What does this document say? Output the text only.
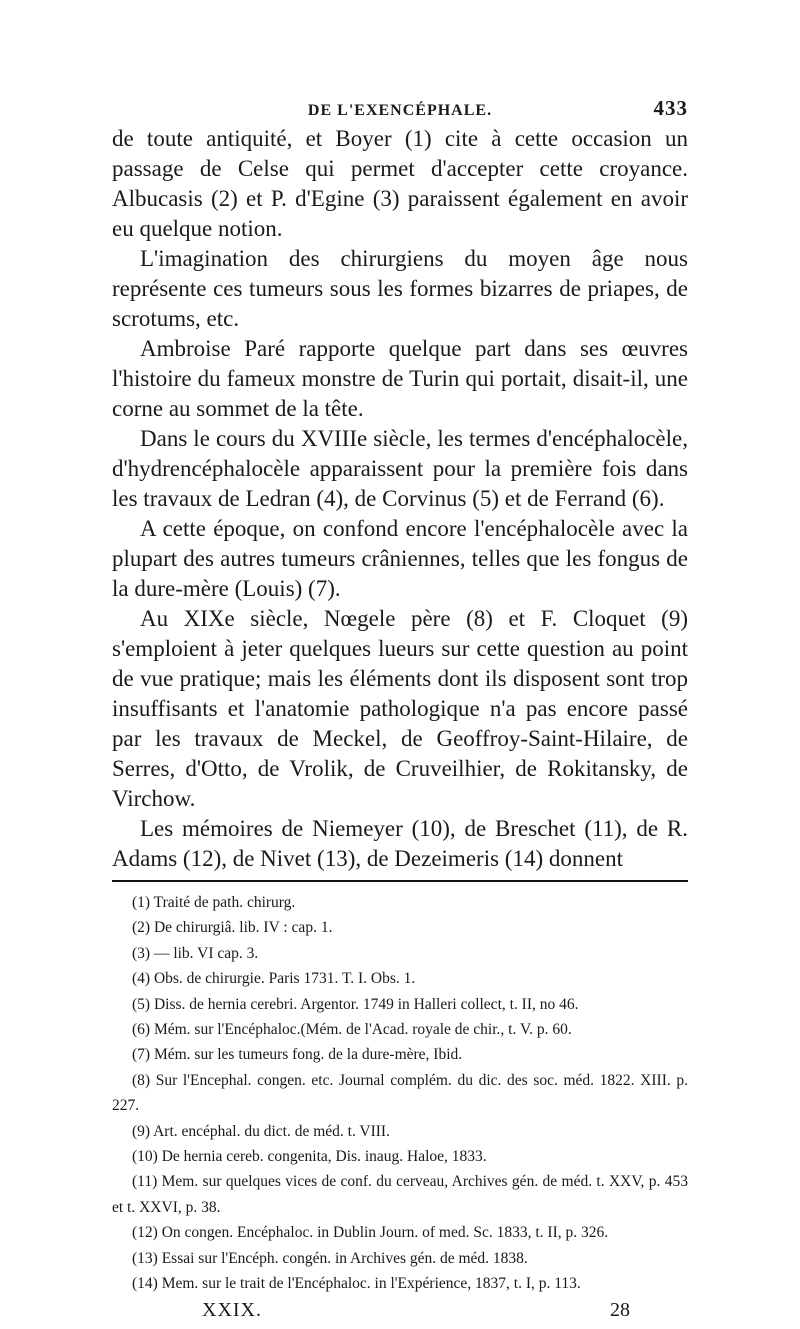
DE L'EXENCÉPHALE.	433

de toute antiquité, et Boyer (1) cite à cette occasion un passage de Celse qui permet d'accepter cette croyance. Albucasis (2) et P. d'Egine (3) paraissent également en avoir eu quelque notion.

L'imagination des chirurgiens du moyen âge nous représente ces tumeurs sous les formes bizarres de priapes, de scrotums, etc.

Ambroise Paré rapporte quelque part dans ses œuvres l'histoire du fameux monstre de Turin qui portait, disait-il, une corne au sommet de la tête.

Dans le cours du XVIIIe siècle, les termes d'encéphalocèle, d'hydrencéphalocèle apparaissent pour la première fois dans les travaux de Ledran (4), de Corvinus (5) et de Ferrand (6).

A cette époque, on confond encore l'encéphalocèle avec la plupart des autres tumeurs crâniennes, telles que les fongus de la dure-mère (Louis) (7).

Au XIXe siècle, Nœgele père (8) et F. Cloquet (9) s'emploient à jeter quelques lueurs sur cette question au point de vue pratique; mais les éléments dont ils disposent sont trop insuffisants et l'anatomie pathologique n'a pas encore passé par les travaux de Meckel, de Geoffroy-Saint-Hilaire, de Serres, d'Otto, de Vrolik, de Cruveilhier, de Rokitansky, de Virchow.

Les mémoires de Niemeyer (10), de Breschet (11), de R. Adams (12), de Nivet (13), de Dezeimeris (14) donnent

(1) Traité de path. chirurg.

(2) De chirurgiâ. lib. IV : cap. 1.

(3) — lib. VI cap. 3.

(4) Obs. de chirurgie. Paris 1731. T. I. Obs. 1.

(5) Diss. de hernia cerebri. Argentor. 1749 in Halleri collect, t. II, no 46.

(6) Mém. sur l'Encéphaloc.(Mém. de l'Acad. royale de chir., t. V. p. 60.

(7) Mém. sur les tumeurs fong. de la dure-mère, Ibid.

(8) Sur l'Encephal. congen. etc. Journal complém. du dic. des soc. méd. 1822. XIII. p. 227.

(9) Art. encéphal. du dict. de méd. t. VIII.

(10) De hernia cereb. congenita, Dis. inaug. Haloe, 1833.

(11) Mem. sur quelques vices de conf. du cerveau, Archives gén. de méd. t. XXV, p. 453 et t. XXVI, p. 38.

(12) On congen. Encéphaloc. in Dublin Journ. of med. Sc. 1833, t. II, p. 326.

(13) Essai sur l'Encéph. congén. in Archives gén. de méd. 1838.

(14) Mem. sur le trait de l'Encéphaloc. in l'Expérience, 1837, t. I, p. 113.

XXIX.	28
